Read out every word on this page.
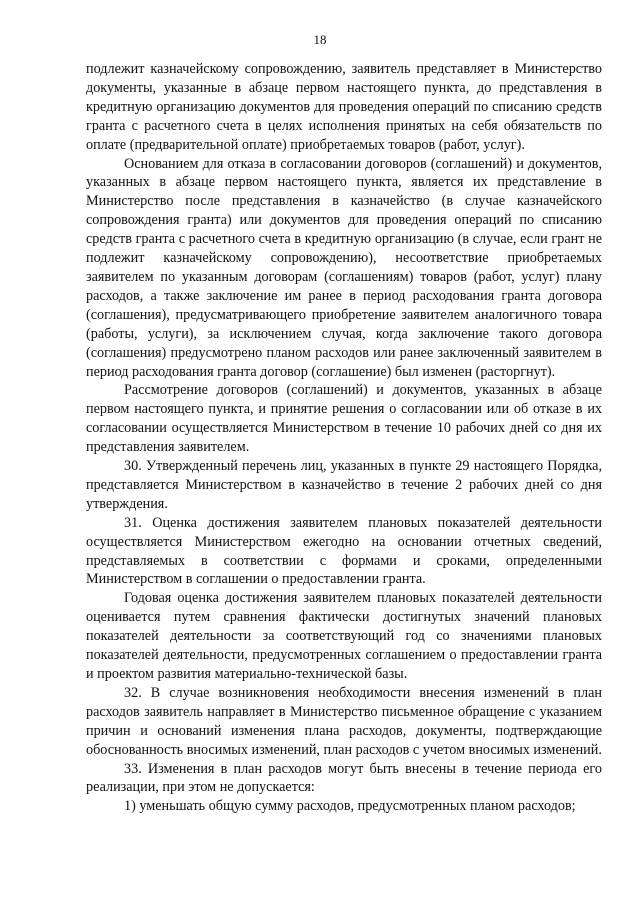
18

подлежит казначейскому сопровождению, заявитель представляет в Министерство документы, указанные в абзаце первом настоящего пункта, до представления в кредитную организацию документов для проведения операций по списанию средств гранта с расчетного счета в целях исполнения принятых на себя обязательств по оплате (предварительной оплате) приобретаемых товаров (работ, услуг).

Основанием для отказа в согласовании договоров (соглашений) и документов, указанных в абзаце первом настоящего пункта, является их представление в Министерство после представления в казначейство (в случае казначейского сопровождения гранта) или документов для проведения операций по списанию средств гранта с расчетного счета в кредитную организацию (в случае, если грант не подлежит казначейскому сопровождению), несоответствие приобретаемых заявителем по указанным договорам (соглашениям) товаров (работ, услуг) плану расходов, а также заключение им ранее в период расходования гранта договора (соглашения), предусматривающего приобретение заявителем аналогичного товара (работы, услуги), за исключением случая, когда заключение такого договора (соглашения) предусмотрено планом расходов или ранее заключенный заявителем в период расходования гранта договор (соглашение) был изменен (расторгнут).

Рассмотрение договоров (соглашений) и документов, указанных в абзаце первом настоящего пункта, и принятие решения о согласовании или об отказе в их согласовании осуществляется Министерством в течение 10 рабочих дней со дня их представления заявителем.

30. Утвержденный перечень лиц, указанных в пункте 29 настоящего Порядка, представляется Министерством в казначейство в течение 2 рабочих дней со дня утверждения.

31. Оценка достижения заявителем плановых показателей деятельности осуществляется Министерством ежегодно на основании отчетных сведений, представляемых в соответствии с формами и сроками, определенными Министерством в соглашении о предоставлении гранта.

Годовая оценка достижения заявителем плановых показателей деятельности оценивается путем сравнения фактически достигнутых значений плановых показателей деятельности за соответствующий год со значениями плановых показателей деятельности, предусмотренных соглашением о предоставлении гранта и проектом развития материально-технической базы.

32. В случае возникновения необходимости внесения изменений в план расходов заявитель направляет в Министерство письменное обращение с указанием причин и оснований изменения плана расходов, документы, подтверждающие обоснованность вносимых изменений, план расходов с учетом вносимых изменений.

33. Изменения в план расходов могут быть внесены в течение периода его реализации, при этом не допускается:

1) уменьшать общую сумму расходов, предусмотренных планом расходов;
